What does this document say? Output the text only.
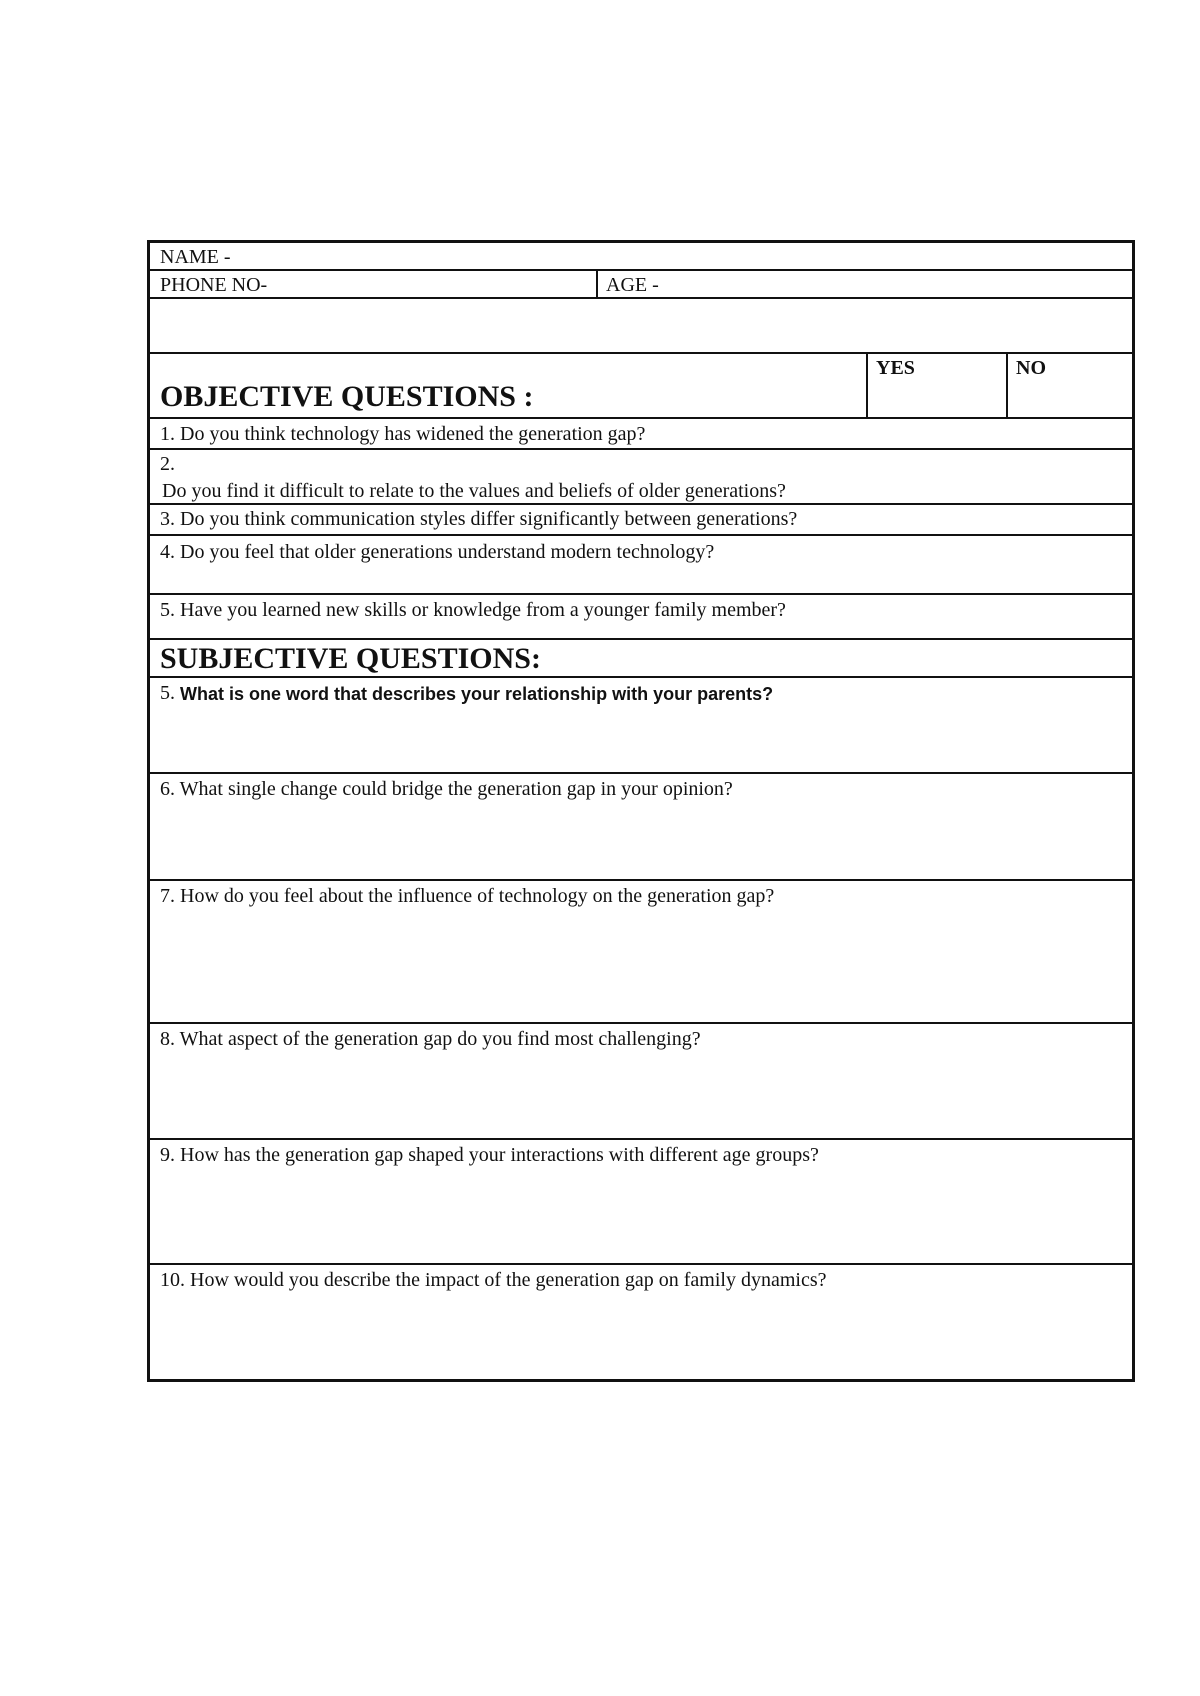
NAME -
PHONE NO-	AGE -
OBJECTIVE QUESTIONS :
YES	NO
1. Do you think technology has widened the generation gap?
2.
Do you find it difficult to relate to the values and beliefs of older generations?
3. Do you think communication styles differ significantly between generations?
4. Do you feel that older generations understand modern technology?
5. Have you learned new skills or knowledge from a younger family member?
SUBJECTIVE QUESTIONS:
5. What is one word that describes your relationship with your parents?
6. What single change could bridge the generation gap in your opinion?
7. How do you feel about the influence of technology on the generation gap?
8. What aspect of the generation gap do you find most challenging?
9. How has the generation gap shaped your interactions with different age groups?
10. How would you describe the impact of the generation gap on family dynamics?
